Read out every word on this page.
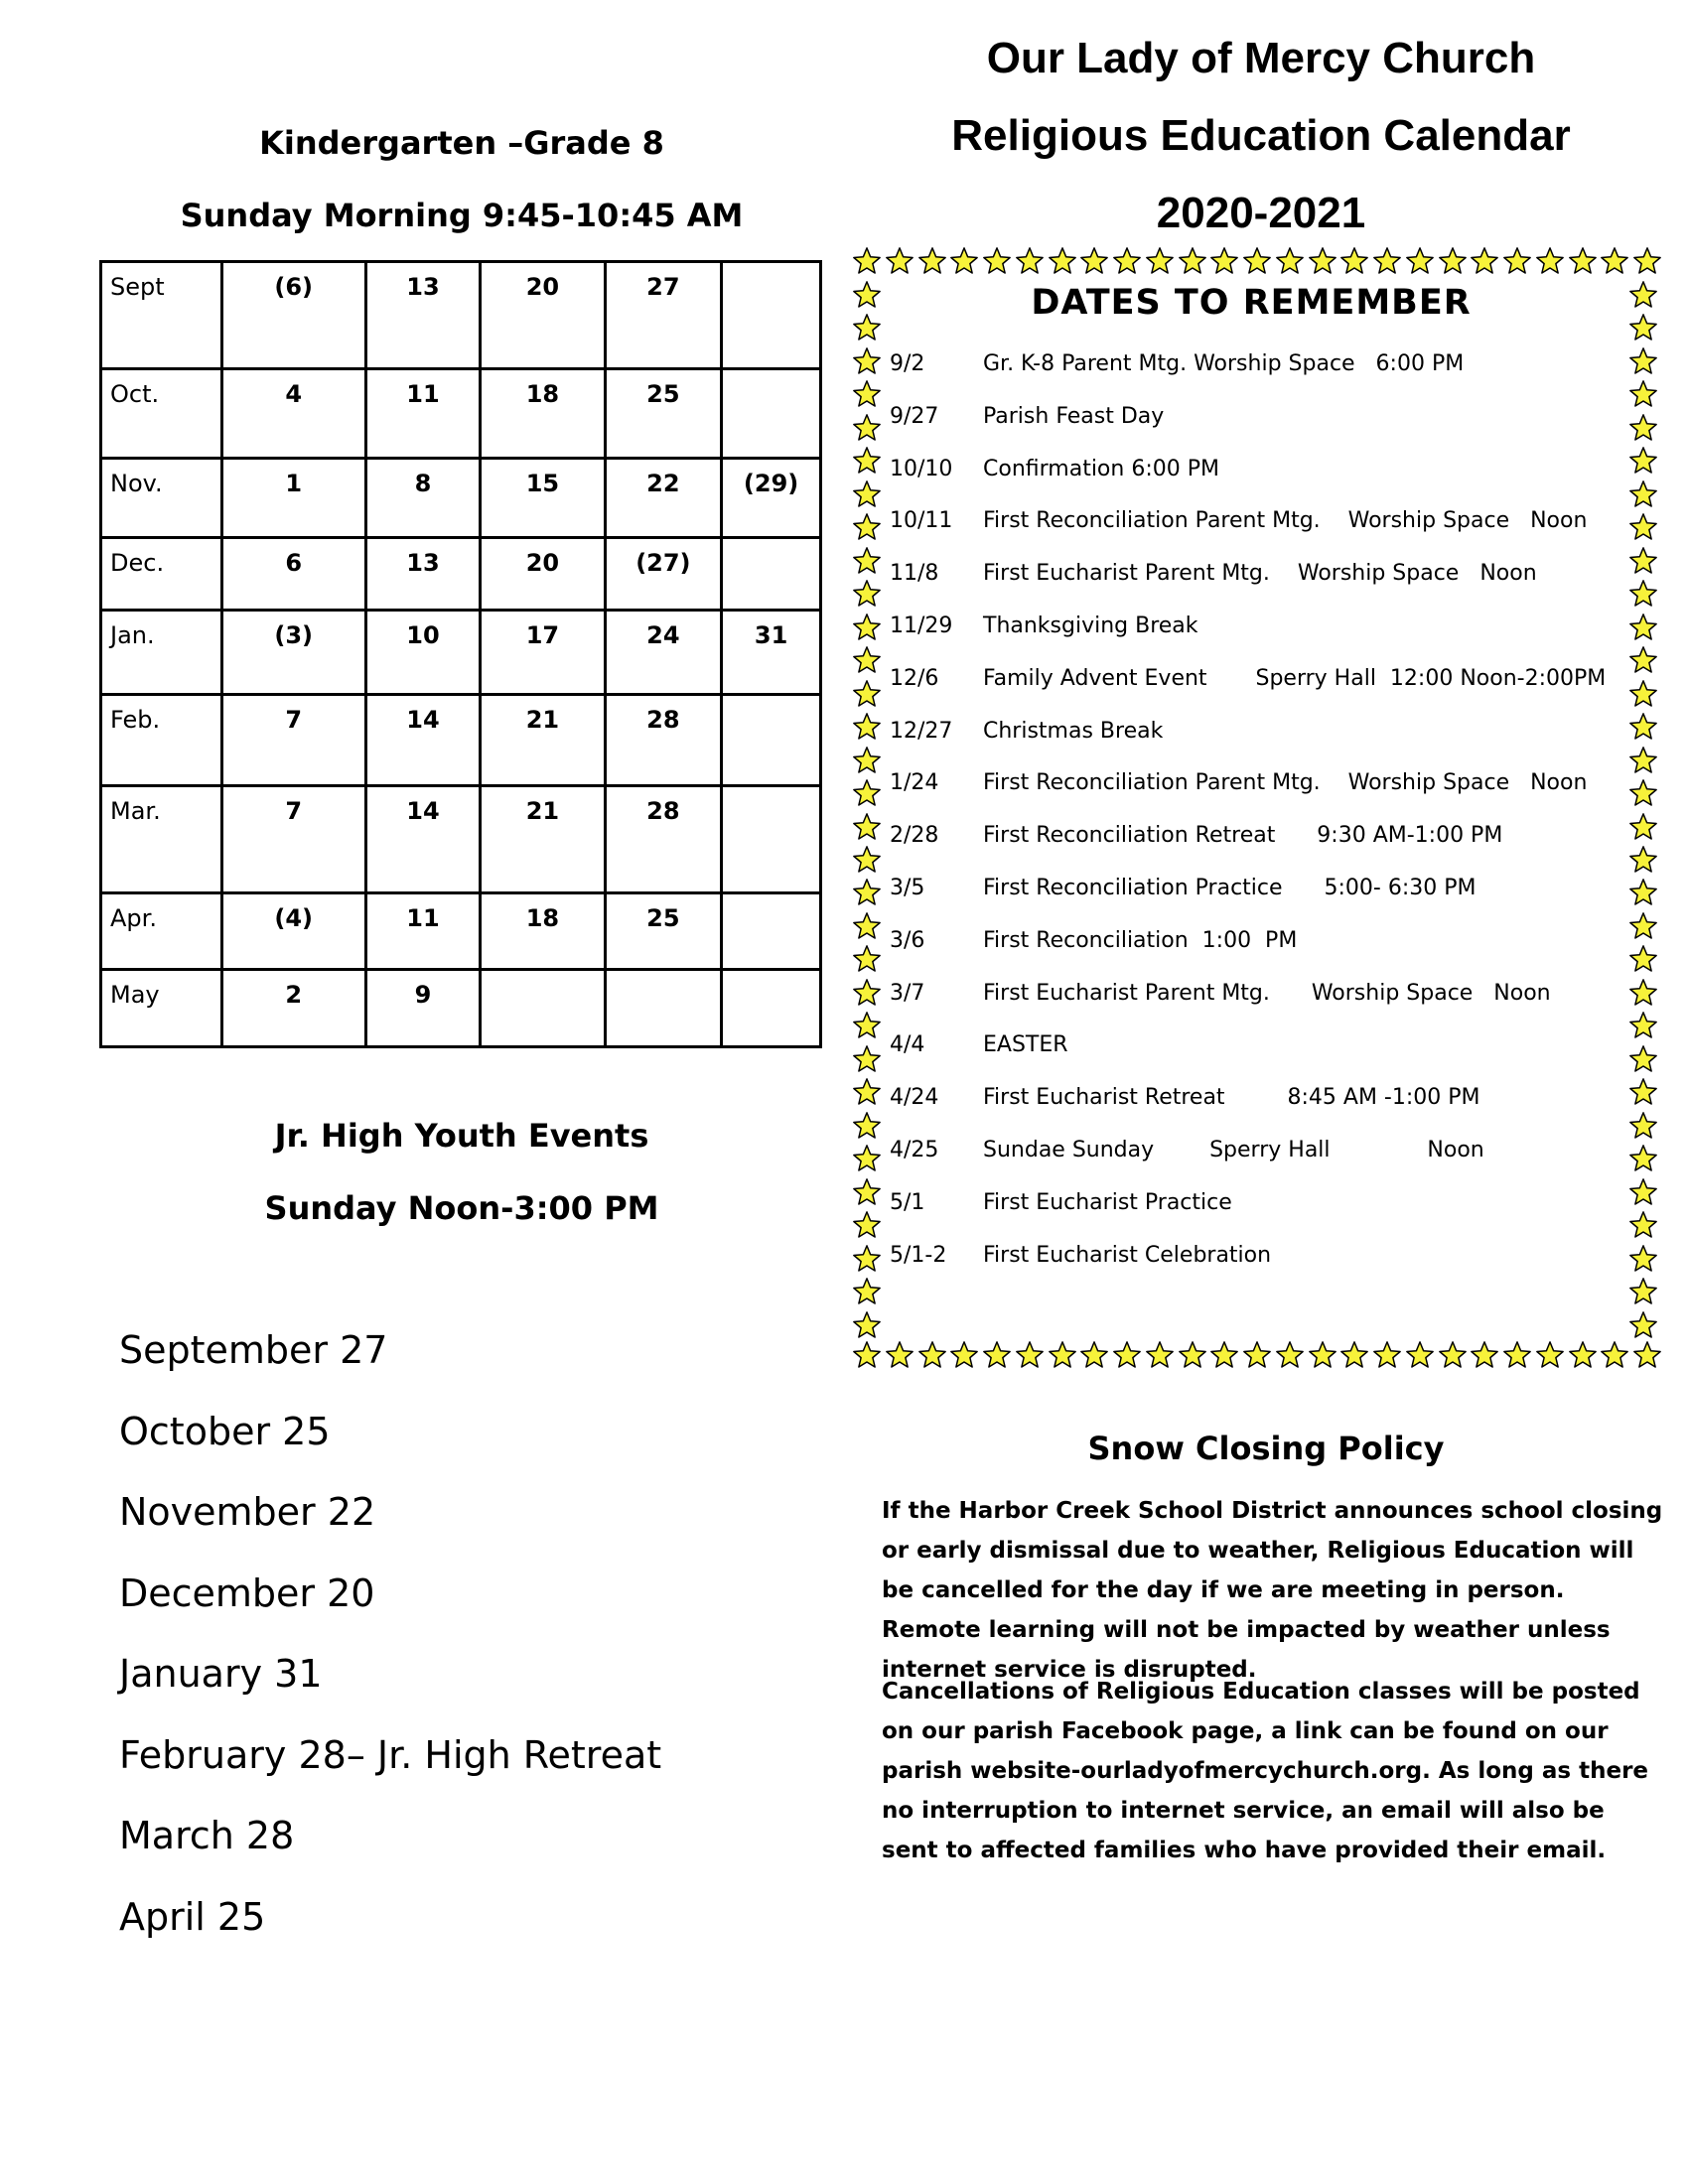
Kindergarten –Grade 8
Sunday Morning 9:45-10:45 AM
Sept	(6)	13	20	27	
Oct.	4	11	18	25	
Nov.	1	8	15	22	(29)
Dec.	6	13	20	(27)	
Jan.	(3)	10	17	24	31
Feb.	7	14	21	28	
Mar.	7	14	21	28	
Apr.	(4)	11	18	25	
May	2	9			
Jr. High Youth Events
Sunday Noon-3:00 PM
September 27
October 25
November 22
December 20
January 31
February 28– Jr. High Retreat
March 28
April 25
Our Lady of Mercy Church
Religious Education Calendar
2020-2021
DATES TO REMEMBER
9/2	Gr. K-8 Parent Mtg. Worship Space   6:00 PM
9/27 Parish Feast Day
10/10 Confirmation 6:00 PM
10/11 First Reconciliation Parent Mtg.    Worship Space   Noon
11/8 First Eucharist Parent Mtg.    Worship Space   Noon
11/29 Thanksgiving Break
12/6 Family Advent Event       Sperry Hall  12:00 Noon-2:00PM
12/27 Christmas Break
1/24 First Reconciliation Parent Mtg.    Worship Space   Noon
2/28 First Reconciliation Retreat      9:30 AM-1:00 PM
3/5	First Reconciliation Practice      5:00- 6:30 PM
3/6	First Reconciliation  1:00  PM
3/7	First Eucharist Parent Mtg.      Worship Space   Noon
4/4	EASTER
4/24 First Eucharist Retreat         8:45 AM -1:00 PM
4/25 Sundae Sunday        Sperry Hall              Noon
5/1	First Eucharist Practice
5/1-2 First Eucharist Celebration
Snow Closing Policy
If the Harbor Creek School District announces school closing or early dismissal due to weather, Religious Education will be cancelled for the day if we are meeting in person. Remote learning will not be impacted by weather unless internet service is disrupted.
Cancellations of Religious Education classes will be posted on our parish Facebook page, a link can be found on our parish website-ourladyofmercychurch.org. As long as there no interruption to internet service, an email will also be sent to affected families who have provided their email.
